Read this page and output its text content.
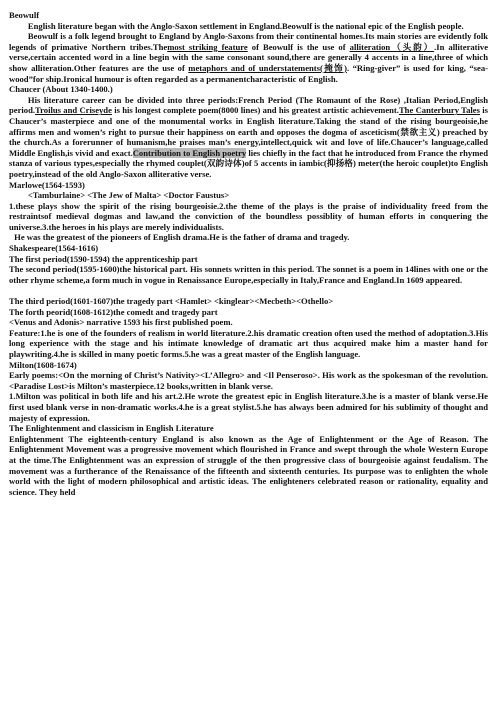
Beowulf

English literature began with the Anglo-Saxon settlement in England.Beowulf is the national epic of the English people.

Beowulf is a folk legend brought to England by Anglo-Saxons from their continental homes.Its main stories are evidently folk legends of primative Northern tribes.Themost striking feature of Beowulf is the use of alliteration（头韵）.In alliterative verse,certain accented word in a line begin with the same consonant sound,there are generally 4 accents in a line,three of which show alliteration.Other features are the use of metaphors and of understatements(掩饰). “Ring-giver” is used for king, “sea-wood”for ship.Ironical humour is often regarded as a permanentcharacteristic of English.

Chaucer (About 1340-1400.)

His literature career can be divided into three periods:French Period (The Romaunt of the Rose) ,Italian Period,English period.Troilus and Criseyde is his longest complete poem(8000 lines) and his greatest artistic achievement.The Canterbury Tales is Chaucer’s masterpiece and one of the monumental works in English literature.Taking the stand of the rising bourgeoisie,he affirms men and women’s right to pursue their happiness on earth and opposes the dogma of asceticism(禁欲主义) preached by the church.As a forerunner of humanism,he praises man’s energy,intellect,quick wit and love of life.Chaucer’s language,called Middle English,is vivid and exact.Contribution to English poetry lies chiefly in the fact that he introduced from France the rhymed stanza of various types,especially the rhymed couplet(双韵诗体)of 5 accents in iambic(抑扬格) meter(the heroic couplet)to English poetry,instead of the old Anglo-Saxon alliterative verse.

Marlowe(1564-1593)

<Tamburlaine> <The Jew of Malta> <Doctor Faustus>

1.these plays show the spirit of the rising bourgeoisie.2.the theme of the plays is the praise of individuality freed from the restraintsof medieval dogmas and law,and the conviction of the boundless possiblity of human efforts in conquering the universe.3.the heroes in his plays are merely individualists.

He was the greatest of the pioneers of English drama.He is the father of drama and tragedy.

Shakespeare(1564-1616)

The first period(1590-1594) the apprenticeship part

The second period(1595-1600)the historical part. His sonnets written in this period. The sonnet is a poem in 14lines with one or the other rhyme scheme,a form much in vogue in Renaissance Europe,especially in Italy,France and England.In 1609 appeared.

The third period(1601-1607)the tragedy part <Hamlet> <kinglear><Mecbeth><Othello>

The forth peorid(1608-1612)the comedt and tragedy part

<Venus and Adonis> narrative 1593 his first published poem.

Feature:1.he is one of the founders of realism in world literature.2.his dramatic creation often used the method of adoptation.3.His long experience with the stage and his intimate knowledge of dramatic art thus acquired make him a master hand for playwriting.4.he is skilled in many poetic forms.5.he was a great master of the English language.

Milton(1608-1674)

Early poems:<On the morning of Christ’s Nativity><L’Allegro> and <Il Penseroso>. His work as the spokesman of the revolution.<Paradise Lost>is Milton’s masterpiece.12 books,written in blank verse.

1.Milton was political in both life and his art.2.He wrote the greatest epic in English literature.3.he is a master of blank verse.He first used blank verse in non-dramatic works.4.he is a great stylist.5.he has always been admired for his sublimity of thought and majesty of expression.

The Enlightenment and classicism in English Literature

Enlightenment The eighteenth-century England is also known as the Age of Enlightenment or the Age of Reason. The Enlightenment Movement was a progressive movement which flourished in France and swept through the whole Western Europe at the time.The Enlightenment was an expression of struggle of the then progressive class of bourgeoisie against feudalism. The movement was a furtherance of the Renaissance of the fifteenth and sixteenth centuries. Its purpose was to enlighten the whole world with the light of modern philosophical and artistic ideas. The enlighteners celebrated reason or rationality, equality and science. They held
